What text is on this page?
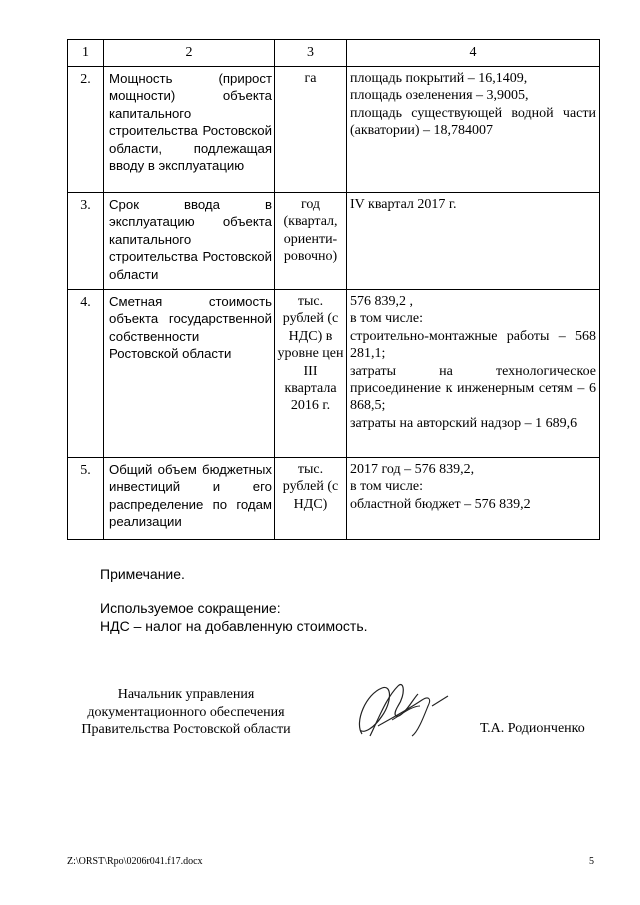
1	2	3	4
2.	Мощность (прирост мощности) объекта капитального строительства Ростовской области, подлежащая вводу в эксплуатацию	га	площадь покрытий – 16,1409,
площадь озеленения – 3,9005,
площадь существующей водной части (акватории) – 18,784007

3.	Срок ввода в эксплуатацию объекта капитального строительства Ростовской области	год (квартал, ориенти-ровочно)	IV квартал 2017 г.

4.	Сметная стоимость объекта государственной собственности Ростовской области	тыс. рублей (с НДС) в уровне цен III квартала 2016 г.	576 839,2 ,
в том числе:
строительно-монтажные работы – 568 281,1;
затраты на технологическое присоединение к инженерным сетям – 6 868,5;
затраты на авторский надзор – 1 689,6

5.	Общий объем бюджетных инвестиций и его распределение по годам реализации	тыс. рублей (с НДС)	2017 год – 576 839,2,
в том числе:
областной бюджет – 576 839,2
Примечание.
Используемое сокращение:
НДС – налог на добавленную стоимость.
Начальник управления
документационного обеспечения
Правительства Ростовской области	Т.А. Родионченко
Z:\ORST\Rpo\0206r041.f17.docx	5
